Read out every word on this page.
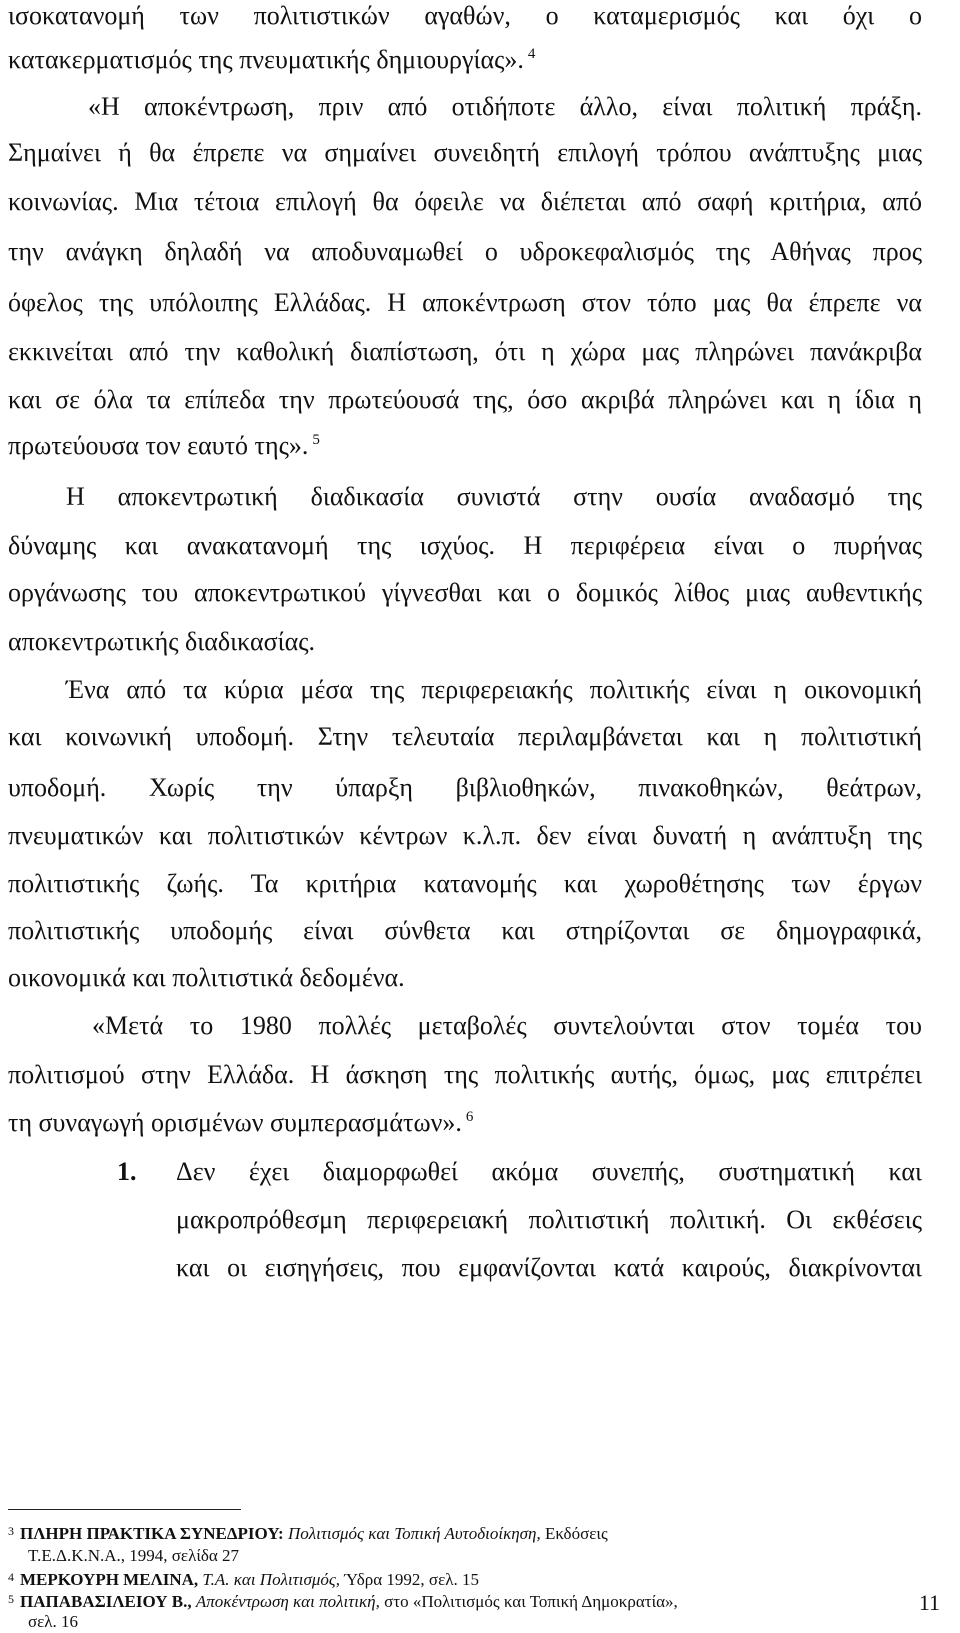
ισοκατανομή των πολιτιστικών αγαθών, ο καταμερισμός και όχι ο
κατακερματισμός της πνευματικής δημιουργίας». $^4$
«Η αποκέντρωση, πριν από οτιδήποτε άλλο, είναι πολιτική πράξη.
Σημαίνει ή θα έπρεπε να σημαίνει συνειδητή επιλογή τρόπου ανάπτυξης μιας
κοινωνίας. Μια τέτοια επιλογή θα όφειλε να διέπεται από σαφή κριτήρια, από
την ανάγκη δηλαδή να αποδυναμωθεί ο υδροκεφαλισμός της Αθήνας προς
όφελος της υπόλοιπης Ελλάδας. Η αποκέντρωση στον τόπο μας θα έπρεπε να
εκκινείται από την καθολική διαπίστωση, ότι η χώρα μας πληρώνει πανάκριβα
και σε όλα τα επίπεδα την πρωτεύουσά της, όσο ακριβά πληρώνει και η ίδια η
πρωτεύουσα τον εαυτό της». $^5$
Η αποκεντρωτική διαδικασία συνιστά στην ουσία αναδασμό της
δύναμης και ανακατανομή της ισχύος. Η περιφέρεια είναι ο πυρήνας
οργάνωσης του αποκεντρωτικού γίγνεσθαι και ο δομικός λίθος μιας αυθεντικής
αποκεντρωτικής διαδικασίας.
Ένα από τα κύρια μέσα της περιφερειακής πολιτικής είναι η οικονομική
και κοινωνική υποδομή. Στην τελευταία περιλαμβάνεται και η πολιτιστική
υποδομή. Χωρίς την ύπαρξη βιβλιοθηκών, πινακοθηκών, θεάτρων,
πνευματικών και πολιτιστικών κέντρων κ.λ.π. δεν είναι δυνατή η ανάπτυξη της
πολιτιστικής ζωής. Τα κριτήρια κατανομής και χωροθέτησης των έργων
πολιτιστικής υποδομής είναι σύνθετα και στηρίζονται σε δημογραφικά,
οικονομικά και πολιτιστικά δεδομένα.
«Μετά το 1980 πολλές μεταβολές συντελούνται στον τομέα του
πολιτισμού στην Ελλάδα. Η άσκηση της πολιτικής αυτής, όμως, μας επιτρέπει
τη συναγωγή ορισμένων συμπερασμάτων». $^6$
1. Δεν έχει διαμορφωθεί ακόμα συνεπής, συστηματική και
μακροπρόθεσμη περιφερειακή πολιτιστική πολιτική. Οι εκθέσεις
και οι εισηγήσεις, που εμφανίζονται κατά καιρούς, διακρίνονται
$^3$ ΠΛΗΡΗ ΠΡΑΚΤΙΚΑ ΣΥΝΕΔΡΙΟΥ: Πολιτισμός και Τοπική Αυτοδιοίκηση, Εκδόσεις
Τ.Ε.Δ.Κ.Ν.Α., 1994, σελίδα 27
$^4$ ΜΕΡΚΟΥΡΗ ΜΕΛΙΝΑ, Τ.Α. και Πολιτισμός, Ύδρα 1992, σελ. 15
$^5$ ΠΑΠΑΒΑΣΙΛΕΙΟΥ Β., Αποκέντρωση και πολιτική, στο «Πολιτισμός και Τοπική Δημοκρατία»,
σελ. 16
11
